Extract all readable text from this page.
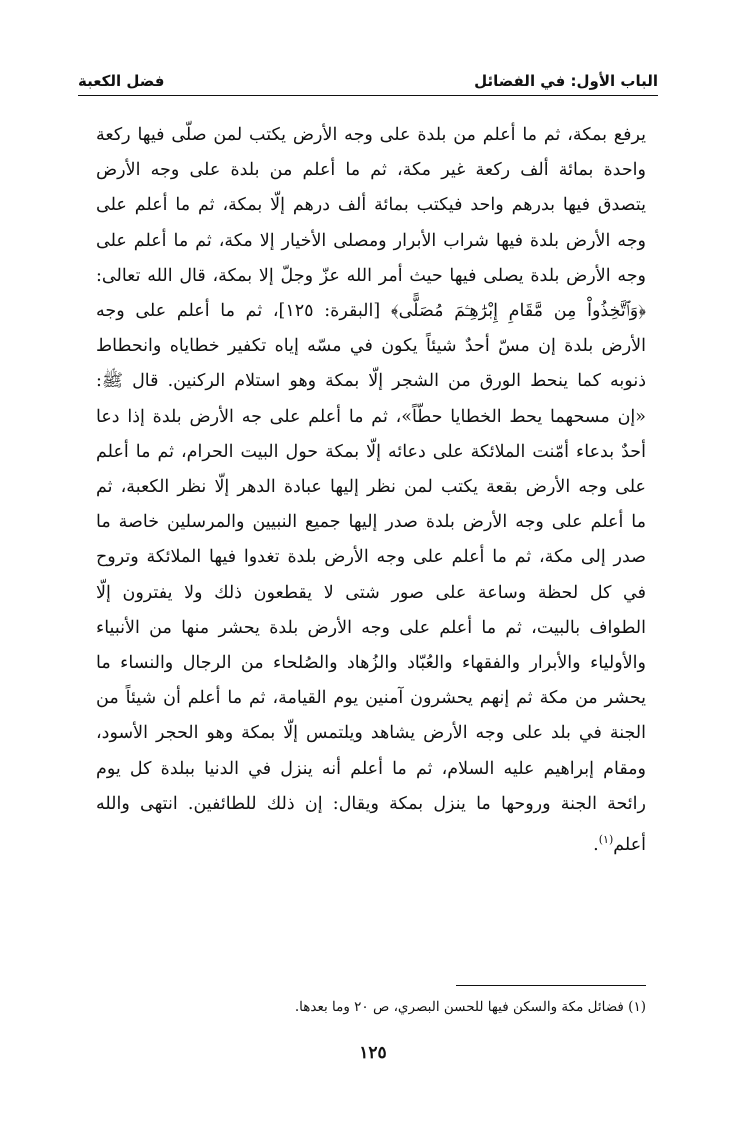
الباب الأول: في الفضائل
فضل الكعبة

يرفع بمكة، ثم ما أعلم من بلدة على وجه الأرض يكتب لمن صلّى فيها ركعة واحدة بمائة ألف ركعة غير مكة، ثم ما أعلم من بلدة على وجه الأرض يتصدق فيها بدرهم واحد فيكتب بمائة ألف درهم إلّا بمكة، ثم ما أعلم على وجه الأرض بلدة فيها شراب الأبرار ومصلى الأخيار إلا مكة، ثم ما أعلم على وجه الأرض بلدة يصلى فيها حيث أمر الله عزّ وجلّ إلا بمكة، قال الله تعالى: ﴿وَٱتَّخِذُواْ مِن مَّقَامِ إِبْرَٰهِـۧمَ مُصَلًّى﴾ [البقرة: ١٢٥]، ثم ما أعلم على وجه الأرض بلدة إن مسّ أحدٌ شيئاً يكون في مسّه إياه تكفير خطاياه وانحطاط ذنوبه كما ينحط الورق من الشجر إلّا بمكة وهو استلام الركنين. قال ﷺ: «إن مسحهما يحط الخطايا حطّاً»، ثم ما أعلم على جه الأرض بلدة إذا دعا أحدٌ بدعاء أمّنت الملائكة على دعائه إلّا بمكة حول البيت الحرام، ثم ما أعلم على وجه الأرض بقعة يكتب لمن نظر إليها عبادة الدهر إلّا نظر الكعبة، ثم ما أعلم على وجه الأرض بلدة صدر إليها جميع النبيين والمرسلين خاصة ما صدر إلى مكة، ثم ما أعلم على وجه الأرض بلدة تغدوا فيها الملائكة وتروح في كل لحظة وساعة على صور شتى لا يقطعون ذلك ولا يفترون إلّا الطواف بالبيت، ثم ما أعلم على وجه الأرض بلدة يحشر منها من الأنبياء والأولياء والأبرار والفقهاء والعُبّاد والزُهاد والصُلحاء من الرجال والنساء ما يحشر من مكة ثم إنهم يحشرون آمنين يوم القيامة، ثم ما أعلم أن شيئاً من الجنة في بلد على وجه الأرض يشاهد ويلتمس إلّا بمكة وهو الحجر الأسود، ومقام إبراهيم عليه السلام، ثم ما أعلم أنه ينزل في الدنيا ببلدة كل يوم رائحة الجنة وروحها ما ينزل بمكة ويقال: إن ذلك للطائفين. انتهى والله أعلم$^{(١)}$.

(١) فضائل مكة والسكن فيها للحسن البصري، ص ٢٠ وما بعدها.
١٢٥
